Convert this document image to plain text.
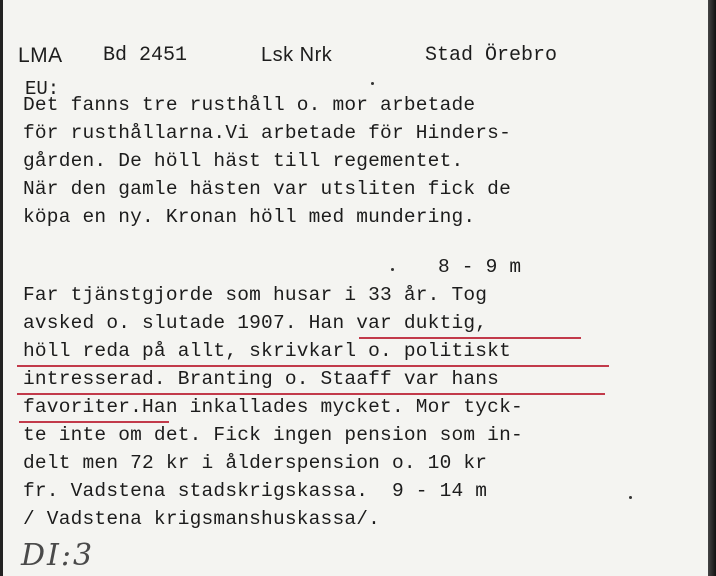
LMA Bd 2451	Lsk Nrk	Stad Örebro
EU:
Det fanns tre rusthåll o. mor arbetade
för rusthållarna.Vi arbetade för Hinders-
gården. De höll häst till regementet.
När den gamle hästen var utsliten fick de
köpa en ny. Kronan höll med mundering.
8 - 9 m
Far tjänstgjorde som husar i 33 år. Tog
avsked o. slutade 1907. Han var duktig,
höll reda på allt, skrivkarl o. politiskt
intresserad. Branting o. Staaff var hans
favoriter.Han inkallades mycket. Mor tyck-
te inte om det. Fick ingen pension som in-
delt men 72 kr i ålderspension o. 10 kr
fr. Vadstena stadskrigskassa.  9 - 14 m
/ Vadstena krigsmanshuskassa/.
DI:3
